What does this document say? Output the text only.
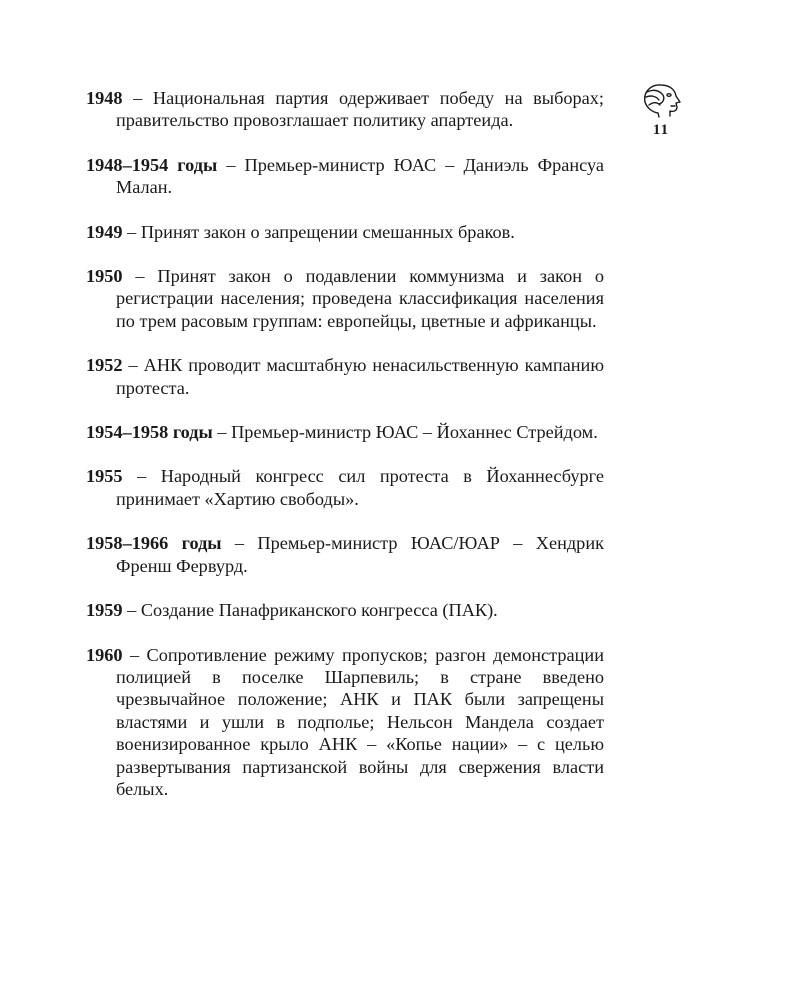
11

1948 – Национальная партия одерживает победу на выборах; правительство провозглашает политику апартеида.

1948–1954 годы – Премьер-министр ЮАС – Даниэль Франсуа Малан.

1949 – Принят закон о запрещении смешанных браков.

1950 – Принят закон о подавлении коммунизма и закон о регистрации населения; проведена классификация населения по трем расовым группам: европейцы, цветные и африканцы.

1952 – АНК проводит масштабную ненасильственную кампанию протеста.

1954–1958 годы – Премьер-министр ЮАС – Йоханнес Стрейдом.

1955 – Народный конгресс сил протеста в Йоханнесбурге принимает «Хартию свободы».

1958–1966 годы – Премьер-министр ЮАС/ЮАР – Хендрик Френш Фервурд.

1959 – Создание Панафриканского конгресса (ПАК).

1960 – Сопротивление режиму пропусков; разгон демонстрации полицией в поселке Шарпевиль; в стране введено чрезвычайное положение; АНК и ПАК были запрещены властями и ушли в подполье; Нельсон Мандела создает военизированное крыло АНК – «Копье нации» – с целью развертывания партизанской войны для свержения власти белых.
